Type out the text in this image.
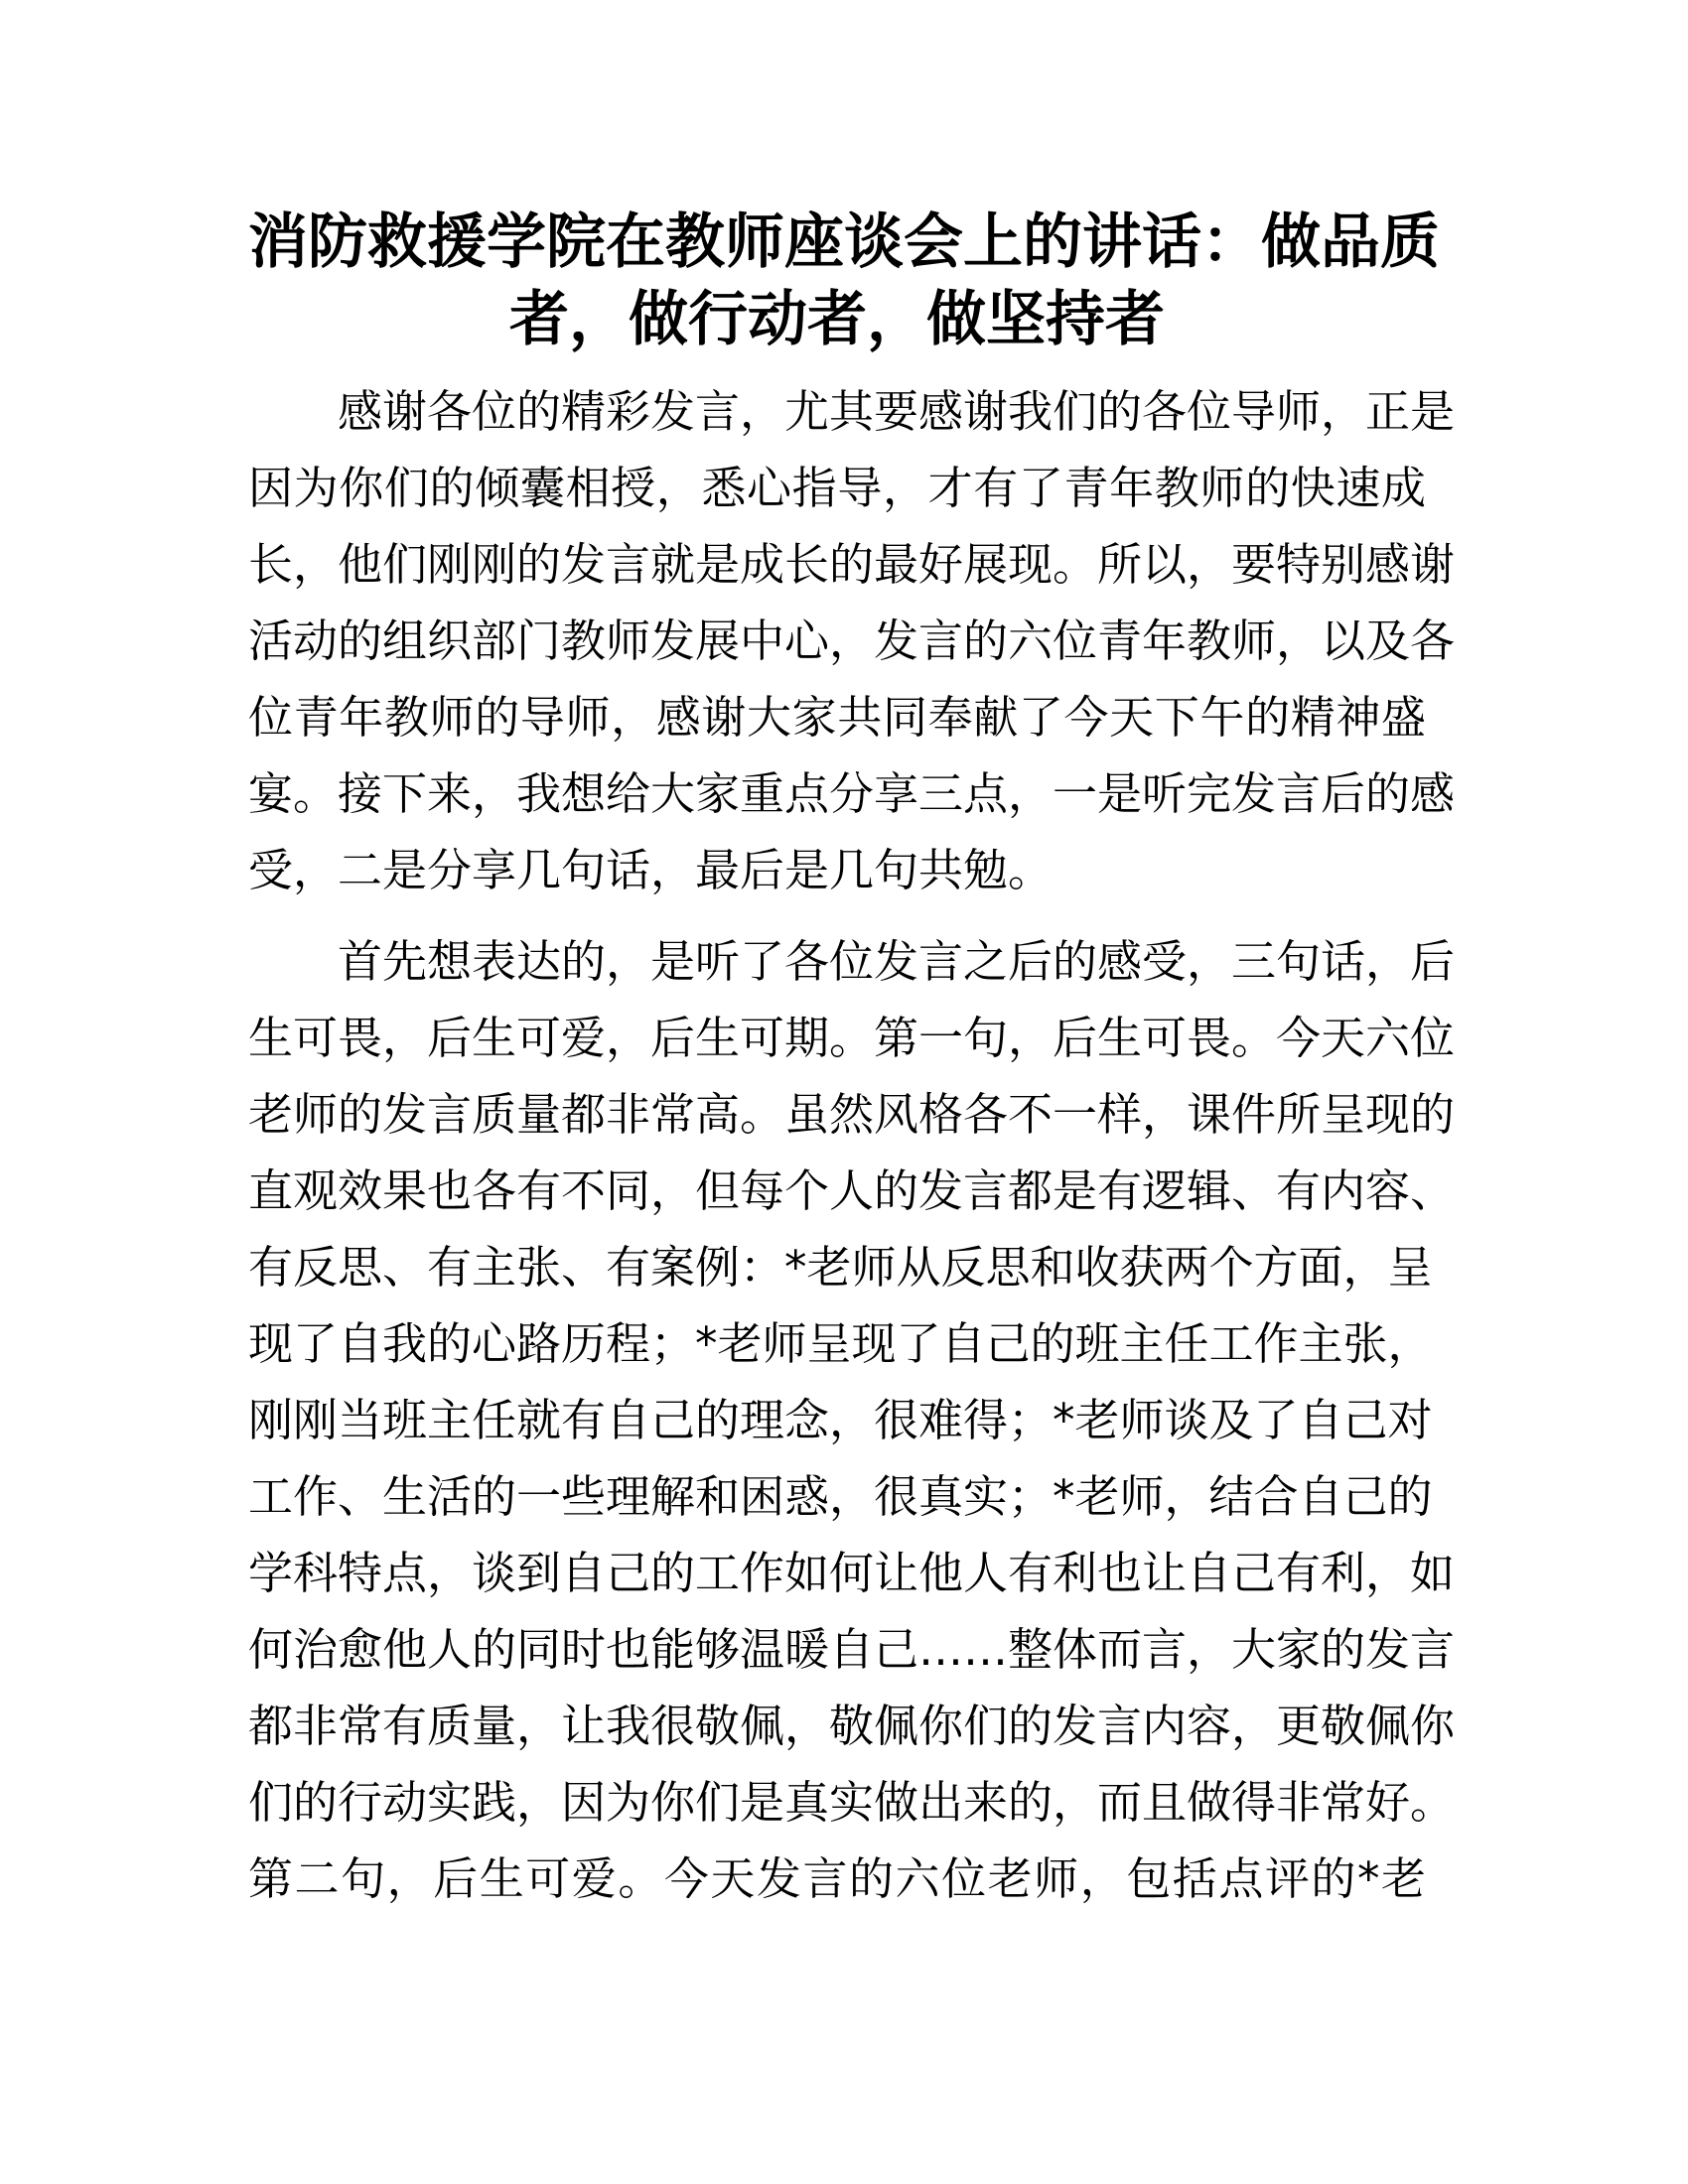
消防救援学院在教师座谈会上的讲话：做品质
者，做行动者，做坚持者
感谢各位的精彩发言，尤其要感谢我们的各位导师，正是
因为你们的倾囊相授，悉心指导，才有了青年教师的快速成
长，他们刚刚的发言就是成长的最好展现。所以，要特别感谢
活动的组织部门教师发展中心，发言的六位青年教师，以及各
位青年教师的导师，感谢大家共同奉献了今天下午的精神盛
宴。接下来，我想给大家重点分享三点，一是听完发言后的感
受，二是分享几句话，最后是几句共勉。
首先想表达的，是听了各位发言之后的感受，三句话，后
生可畏，后生可爱，后生可期。第一句，后生可畏。今天六位
老师的发言质量都非常高。虽然风格各不一样，课件所呈现的
直观效果也各有不同，但每个人的发言都是有逻辑、有内容、
有反思、有主张、有案例：*老师从反思和收获两个方面，呈
现了自我的心路历程；*老师呈现了自己的班主任工作主张，
刚刚当班主任就有自己的理念，很难得；*老师谈及了自己对
工作、生活的一些理解和困惑，很真实；*老师，结合自己的
学科特点，谈到自己的工作如何让他人有利也让自己有利，如
何治愈他人的同时也能够温暖自己……整体而言，大家的发言
都非常有质量，让我很敬佩，敬佩你们的发言内容，更敬佩你
们的行动实践，因为你们是真实做出来的，而且做得非常好。
第二句，后生可爱。今天发言的六位老师，包括点评的*老
